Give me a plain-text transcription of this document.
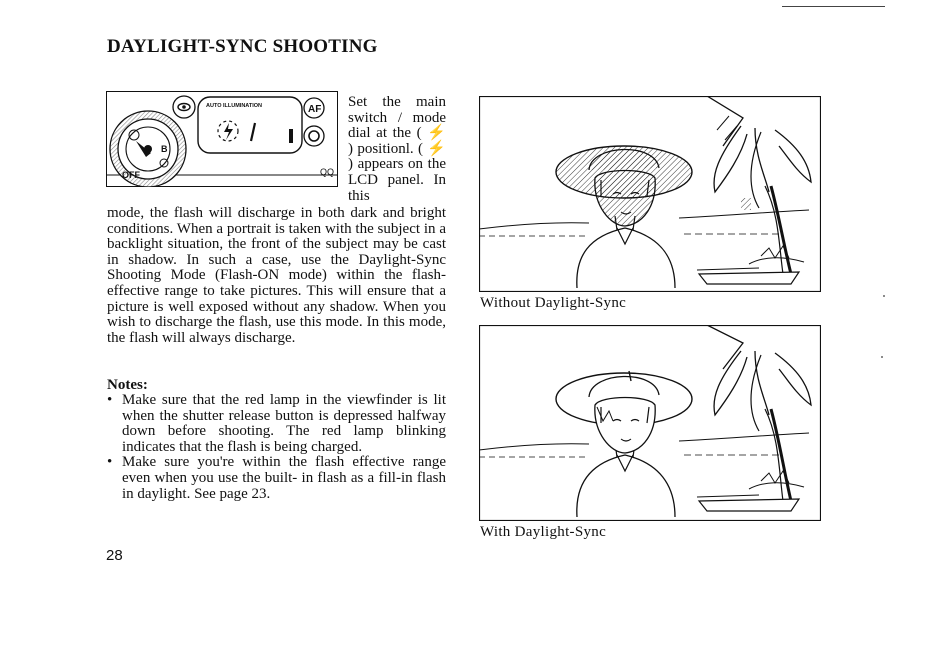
DAYLIGHT-SYNC SHOOTING
AUTO ILLUMINATION	AF
QQ
B
OFF

Set the main switch / mode dial at the ( ⚡ ) positionl. ( ⚡ ) appears on the LCD panel. In this

mode, the flash will discharge in both dark and bright conditions. When a portrait is taken with the subject in a backlight situation, the front of the subject may be cast in shadow. In such a case, use the Daylight-Sync Shooting Mode (Flash-ON mode) within the flash-effective range to take pictures. This will ensure that a picture is well exposed without any shadow. When you wish to discharge the flash, use this mode. In this mode, the flash will always discharge.

Notes:

• Make sure that the red lamp in the viewfinder is lit when the shutter release button is depressed halfway down before shooting. The red lamp blinking indicates that the flash is being charged.
• Make sure you're within the flash effective range even when you use the built- in flash as a fill-in flash in daylight. See page 23.
28
Without Daylight-Sync
With Daylight-Sync
